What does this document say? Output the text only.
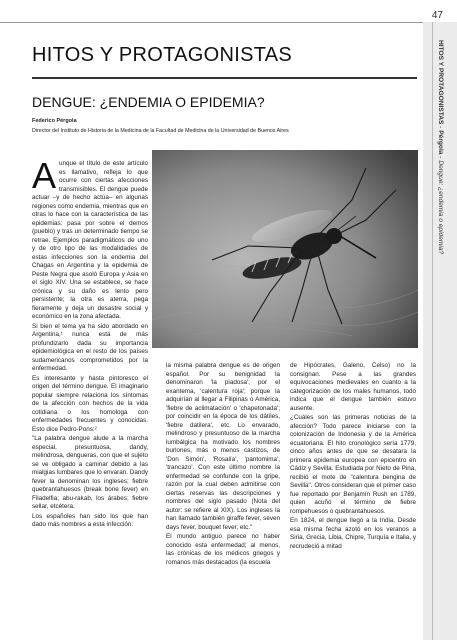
47
HITOS Y PROTAGONISTAS - Pérgola - Dengue: ¿endemia o epidemia?
HITOS Y PROTAGONISTAS
DENGUE: ¿ENDEMIA O EPIDEMIA?
Federico Pérgola
Director del Instituto de Historia de la Medicina de la Facultad de Medicina de la Universidad de Buenos Aires

Aunque el título de este artículo es llamativo, refleja lo que ocurre con ciertas afecciones transmisibles. El dengue puede actuar –y de hecho actúa– en algunas regiones como endemia, mientras que en otras lo hace con la característica de las epidemias: pasa por sobre el demos (pueblo) y tras un determinado tiempo se retrae. Ejemplos paradigmáticos de uno y de otro tipo de las modalidades de estas infecciones son la endemia del Chagas en Argentina y la epidemia de Peste Negra que asoló Europa y Asia en el siglo XIV. Una se establece, se hace crónica y su daño es lento pero persistente; la otra es aterra, pega fieramente y deja un desastre social y económico en la zona afectada.

Si bien el tema ya ha sido abordado en Argentina,¹ nunca está de más profundizarlo dada su importancia epidemiológica en el resto de los países sudamericanos comprometidos por la enfermedad.

Es interesante y hasta pintoresco el origen del término dengue. El imaginario popular siempre relaciona los síntomas de la afección con hechos de la vida cotidiana o los homologa con enfermedades frecuentes y conocidas. Esto dice Pedro-Pons:²

"La palabra dengue alude a la marcha especial, presuntuosa, dandy, melindrosa, dengueras, con que el sujeto se ve obligado a caminar debido a las mialgias lumbares que lo envaran. Dandy fever la denominan los ingleses; fiebre quebrantahuesos (break bone fever) en Filadelfia; abu-rakab, los árabes; fiebre sellar, etcétera.

Los españoles han sido los que han dado más nombres a esta infección:

la misma palabra dengue es de origen español. Por su benignidad la denominaron 'la piadosa'; por el exantema, 'calentura roja'; porque la adquirían al llegar a Filipinas o América, 'fiebre de aclimatación' o 'chapetonada'; por coincidir en la época de los dátiles, 'fiebre datilera', etc. Lo envarado, melindroso y presuntuoso de la marcha lumbálgica ha motivado los nombres burlones, más o menos castizos, de 'Don Simón', 'Rosalía', 'pantomima', 'trancazo'. Con este último nombre la enfermedad se confunde con la gripe, razón por la cual deben admitirse con ciertas reservas las descripciones y nombres del siglo pasado (Nota del autor: se refiere al XIX). Los ingleses la han llamado también giraffe fever, seven days fever, bouquet fever, etc."

El mundo antiguo parece no haber conocido esta enfermedad; al menos, las crónicas de los médicos griegos y romanos más destacados (la escuela

de Hipócrates, Galeno, Celso) no la consignan. Pese a las grandes equivocaciones medievales en cuanto a la categorización de los males humanos, todo indica que el dengue también estuvo ausente.

¿Cuáles son las primeras noticias de la afección? Todo parece iniciarse con la colonización de Indonesia y de la América ecuatoriana. El hito cronológico sería 1779, cinco años antes de que se desatara la primera epidemia europea con epicentro en Cádiz y Sevilla. Estudiada por Nieto de Pina, recibió el mote de "calentura bengina de Sevilla". Otros consideran que el primer caso fue reportado por Benjamín Rush en 1789, quien acuñó el término de fiebre rompehuesos o quebrantahuesos.

En 1824, el dengue llegó a la India. Desde esa misma fecha azotó en los veranos a Siria, Grecia, Libia, Chipre, Turquía e Italia, y recrudeció a mitad
